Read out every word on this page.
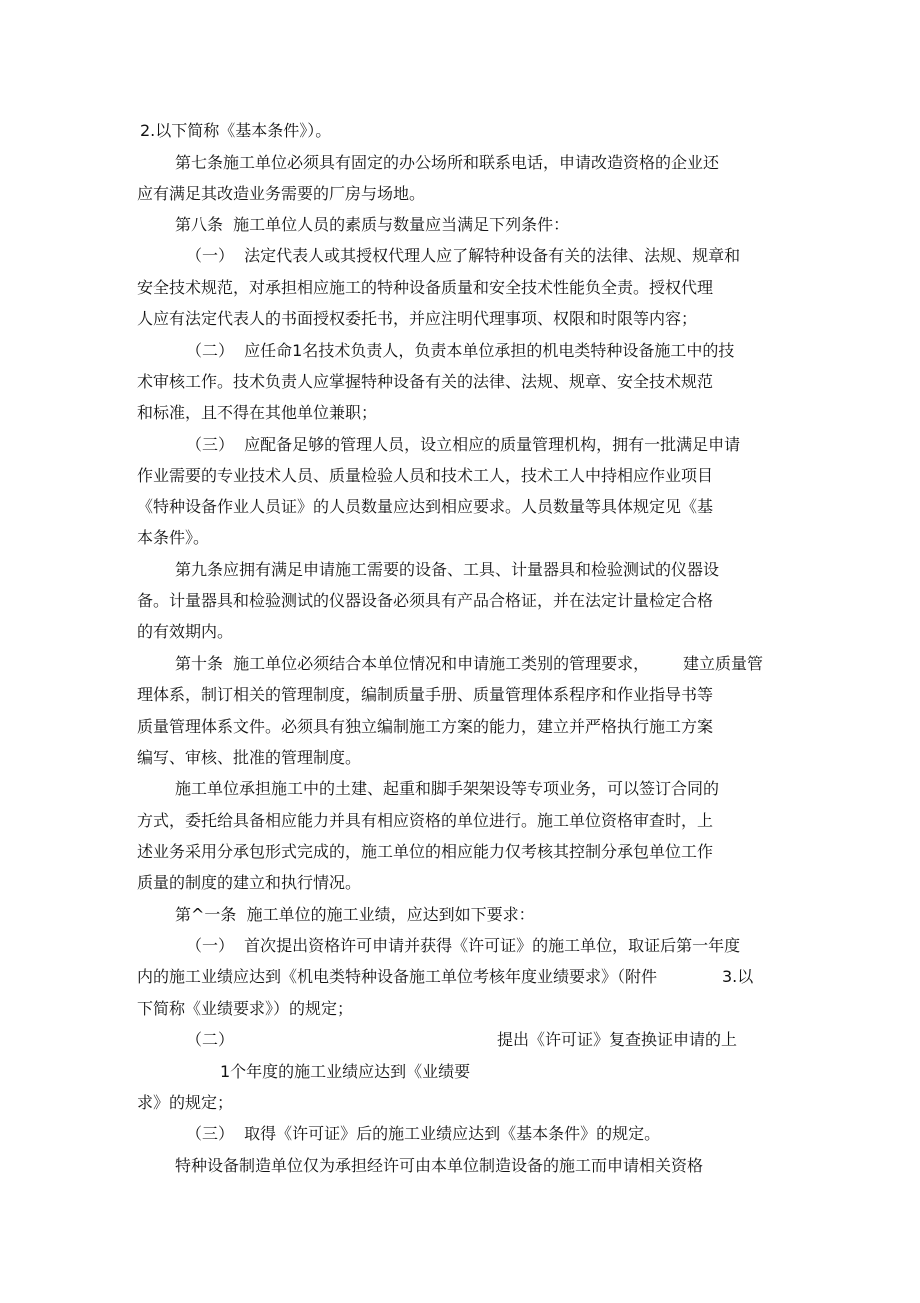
2.以下简称《基本条件》）。

第七条施工单位必须具有固定的办公场所和联系电话，申请改造资格的企业还

应有满足其改造业务需要的厂房与场地。

第八条  施工单位人员的素质与数量应当满足下列条件：

（一）  法定代表人或其授权代理人应了解特种设备有关的法律、法规、规章和

安全技术规范，对承担相应施工的特种设备质量和安全技术性能负全责。授权代理

人应有法定代表人的书面授权委托书，并应注明代理事项、权限和时限等内容；

（二）  应任命1名技术负责人，负责本单位承担的机电类特种设备施工中的技

术审核工作。技术负责人应掌握特种设备有关的法律、法规、规章、安全技术规范

和标准，且不得在其他单位兼职；

（三）  应配备足够的管理人员，设立相应的质量管理机构，拥有一批满足申请

作业需要的专业技术人员、质量检验人员和技术工人，技术工人中持相应作业项目

《特种设备作业人员证》的人员数量应达到相应要求。人员数量等具体规定见《基

本条件》。

第九条应拥有满足申请施工需要的设备、工具、计量器具和检验测试的仪器设

备。计量器具和检验测试的仪器设备必须具有产品合格证，并在法定计量检定合格

的有效期内。

第十条  施工单位必须结合本单位情况和申请施工类别的管理要求， 建立质量管

理体系，制订相关的管理制度，编制质量手册、质量管理体系程序和作业指导书等

质量管理体系文件。必须具有独立编制施工方案的能力，建立并严格执行施工方案

编写、审核、批准的管理制度。

施工单位承担施工中的土建、起重和脚手架架设等专项业务，可以签订合同的

方式，委托给具备相应能力并具有相应资格的单位进行。施工单位资格审查时，上

述业务采用分承包形式完成的，施工单位的相应能力仅考核其控制分承包单位工作

质量的制度的建立和执行情况。

第^一条  施工单位的施工业绩，应达到如下要求：

（一）  首次提出资格许可申请并获得《许可证》的施工单位，取证后第一年度

内的施工业绩应达到《机电类特种设备施工单位考核年度业绩要求》（附件	3.以

下简称《业绩要求》）的规定；

（二）	提出《许可证》复查换证申请的上

1个年度的施工业绩应达到《业绩要

求》的规定；

（三）  取得《许可证》后的施工业绩应达到《基本条件》的规定。

特种设备制造单位仅为承担经许可由本单位制造设备的施工而申请相关资格
